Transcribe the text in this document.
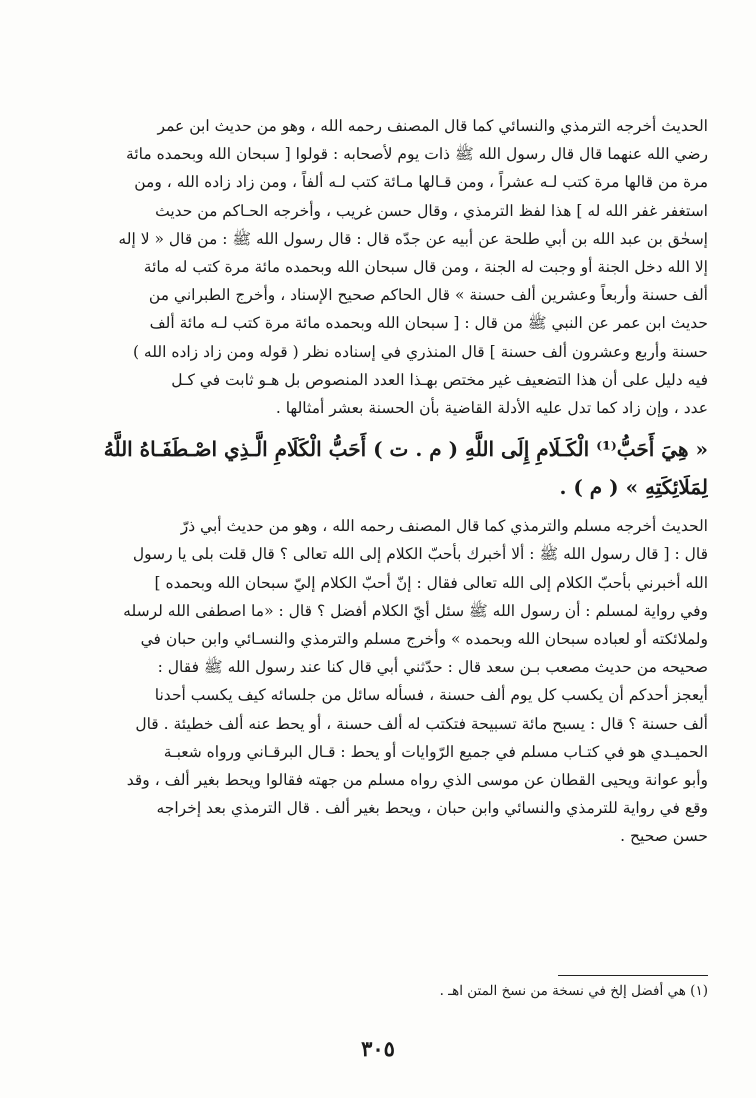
الحديث أخرجه الترمذي والنسائي كما قال المصنف رحمه الله ، وهو من حديث ابن عمر
رضي الله عنهما قال قال رسول الله ﷺ ذات يوم لأصحابه : قولوا [ سبحان الله وبحمده مائة
مرة من قالها مرة كتب لـه عشراً ، ومن قـالها مـائة كتب لـه ألفاً ، ومن زاد زاده الله ، ومن
استغفر غفر الله له ] هذا لفظ الترمذي ، وقال حسن غريب ، وأخرجه الحـاكم من حديث
إسحٰق بن عبد الله بن أبي طلحة عن أبيه عن جدّه قال : قال رسول الله ﷺ : من قال « لا إله
إلا الله دخل الجنة أو وجبت له الجنة ، ومن قال سبحان الله وبحمده مائة مرة كتب له مائة
ألف حسنة وأربعاً وعشرين ألف حسنة » قال الحاكم صحيح الإسناد ، وأخرج الطبراني من
حديث ابن عمر عن النبي ﷺ من قال : [ سبحان الله وبحمده مائة مرة كتب لـه مائة ألف
حسنة وأربع وعشرون ألف حسنة ] قال المنذري في إسناده نظر ( قوله ومن زاد زاده الله )
فيه دليل على أن هذا التضعيف غير مختص بهـذا العدد المنصوص بل هـو ثابت في كـل
عدد ، وإن زاد كما تدل عليه الأدلة القاضية بأن الحسنة بعشر أمثالها .
« هِيَ أَحَبُّ⁽¹⁾ الْكَـلَامِ إِلَى اللَّهِ ( م . ت ) أَحَبُّ الْكَلَامِ الَّـذِي اصْـطَفَـاهُ اللَّهُ
لِمَلَائِكَتِهِ » ( م ) .
الحديث أخرجه مسلم والترمذي كما قال المصنف رحمه الله ، وهو من حديث أبي ذرّ
قال : [ قال رسول الله ﷺ : ألا أخبرك بأحبّ الكلام إلى الله تعالى ؟ قال قلت بلى يا رسول
الله أخبرني بأحبّ الكلام إلى الله تعالى فقال : إنّ أحبّ الكلام إليّ سبحان الله وبحمده ]
وفي رواية لمسلم : أن رسول الله ﷺ سئل أيّ الكلام أفضل ؟ قال : «ما اصطفى الله لرسله
ولملائكته أو لعباده سبحان الله وبحمده » وأخرج مسلم والترمذي والنسـائي وابن حبان في
صحيحه من حديث مصعب بـن سعد قال : حدّثني أبي قال كنا عند رسول الله ﷺ فقال :
أيعجز أحدكم أن يكسب كل يوم ألف حسنة ، فسأله سائل من جلسائه كيف يكسب أحدنا
ألف حسنة ؟ قال : يسبح مائة تسبيحة فتكتب له ألف حسنة ، أو يحط عنه ألف خطيئة . قال
الحميـدي هو في كتـاب مسلم في جميع الرّوايات أو يحط : قـال البرقـاني ورواه شعبـة
وأبو عوانة ويحيى القطان عن موسى الذي رواه مسلم من جهته فقالوا ويحط بغير ألف ، وقد
وقع في رواية للترمذي والنسائي وابن حبان ، ويحط بغير ألف . قال الترمذي بعد إخراجه
حسن صحيح .
(١) هي أفضل إلخ في نسخة من نسخ المتن اهـ .
٣٠٥
